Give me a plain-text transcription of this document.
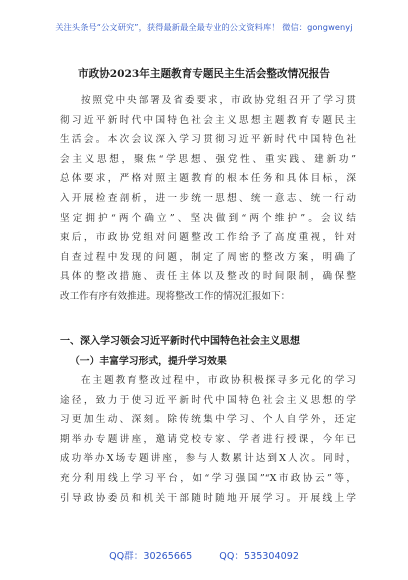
关注头条号“公文研究”，获得最新最全最专业的公文资料库！ 微信：gongwenyj
市政协2023年主题教育专题民主生活会整改情况报告
按照党中央部署及省委要求，市政协党组召开了学习贯
彻习近平新时代中国特色社会主义思想主题教育专题民主
生活会。本次会议深入学习贯彻习近平新时代中国特色社
会主义思想，聚焦“学思想、强党性、重实践、建新功”
总体要求，严格对照主题教育的根本任务和具体目标，深
入开展检查剖析，进一步统一思想、统一意志、统一行动
坚定拥护“两个确立”、坚决做到“两个维护”。会议结
束后，市政协党组对问题整改工作给予了高度重视，针对
自查过程中发现的问题，制定了周密的整改方案，明确了
具体的整改措施、责任主体以及整改的时间限制，确保整
改工作有序有效推进。现将整改工作的情况汇报如下：
一、深入学习领会习近平新时代中国特色社会主义思想
（一）丰富学习形式，提升学习效果
在主题教育整改过程中，市政协积极探寻多元化的学习
途径，致力于使习近平新时代中国特色社会主义思想的学
习更加生动、深刻。除传统集中学习、个人自学外，还定
期举办专题讲座，邀请党校专家、学者进行授课，今年已
成功举办X场专题讲座，参与人数累计达到X人次。同时，
充分利用线上学习平台，如“学习强国”“X市政协云”等，
引导政协委员和机关干部随时随地开展学习。开展线上学
QQ群：30265665	QQ：535304092
